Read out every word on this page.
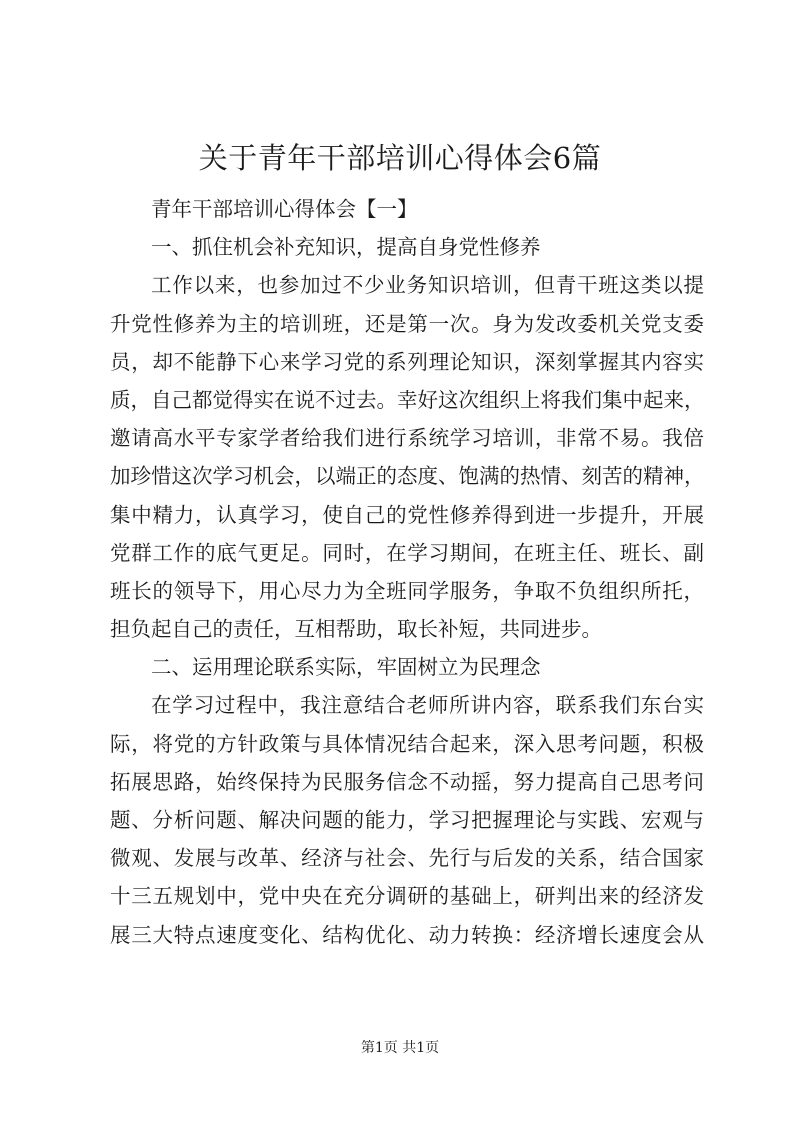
关于青年干部培训心得体会6篇
青年干部培训心得体会【一】
一、抓住机会补充知识，提高自身党性修养
工作以来，也参加过不少业务知识培训，但青干班这类以提
升党性修养为主的培训班，还是第一次。身为发改委机关党支委
员，却不能静下心来学习党的系列理论知识，深刻掌握其内容实
质，自己都觉得实在说不过去。幸好这次组织上将我们集中起来，
邀请高水平专家学者给我们进行系统学习培训，非常不易。我倍
加珍惜这次学习机会，以端正的态度、饱满的热情、刻苦的精神，
集中精力，认真学习，使自己的党性修养得到进一步提升，开展
党群工作的底气更足。同时，在学习期间，在班主任、班长、副
班长的领导下，用心尽力为全班同学服务，争取不负组织所托，
担负起自己的责任，互相帮助，取长补短，共同进步。
二、运用理论联系实际，牢固树立为民理念
在学习过程中，我注意结合老师所讲内容，联系我们东台实
际，将党的方针政策与具体情况结合起来，深入思考问题，积极
拓展思路，始终保持为民服务信念不动摇，努力提高自己思考问
题、分析问题、解决问题的能力，学习把握理论与实践、宏观与
微观、发展与改革、经济与社会、先行与后发的关系，结合国家
十三五规划中，党中央在充分调研的基础上，研判出来的经济发
展三大特点速度变化、结构优化、动力转换：经济增长速度会从
第1页 共1页
